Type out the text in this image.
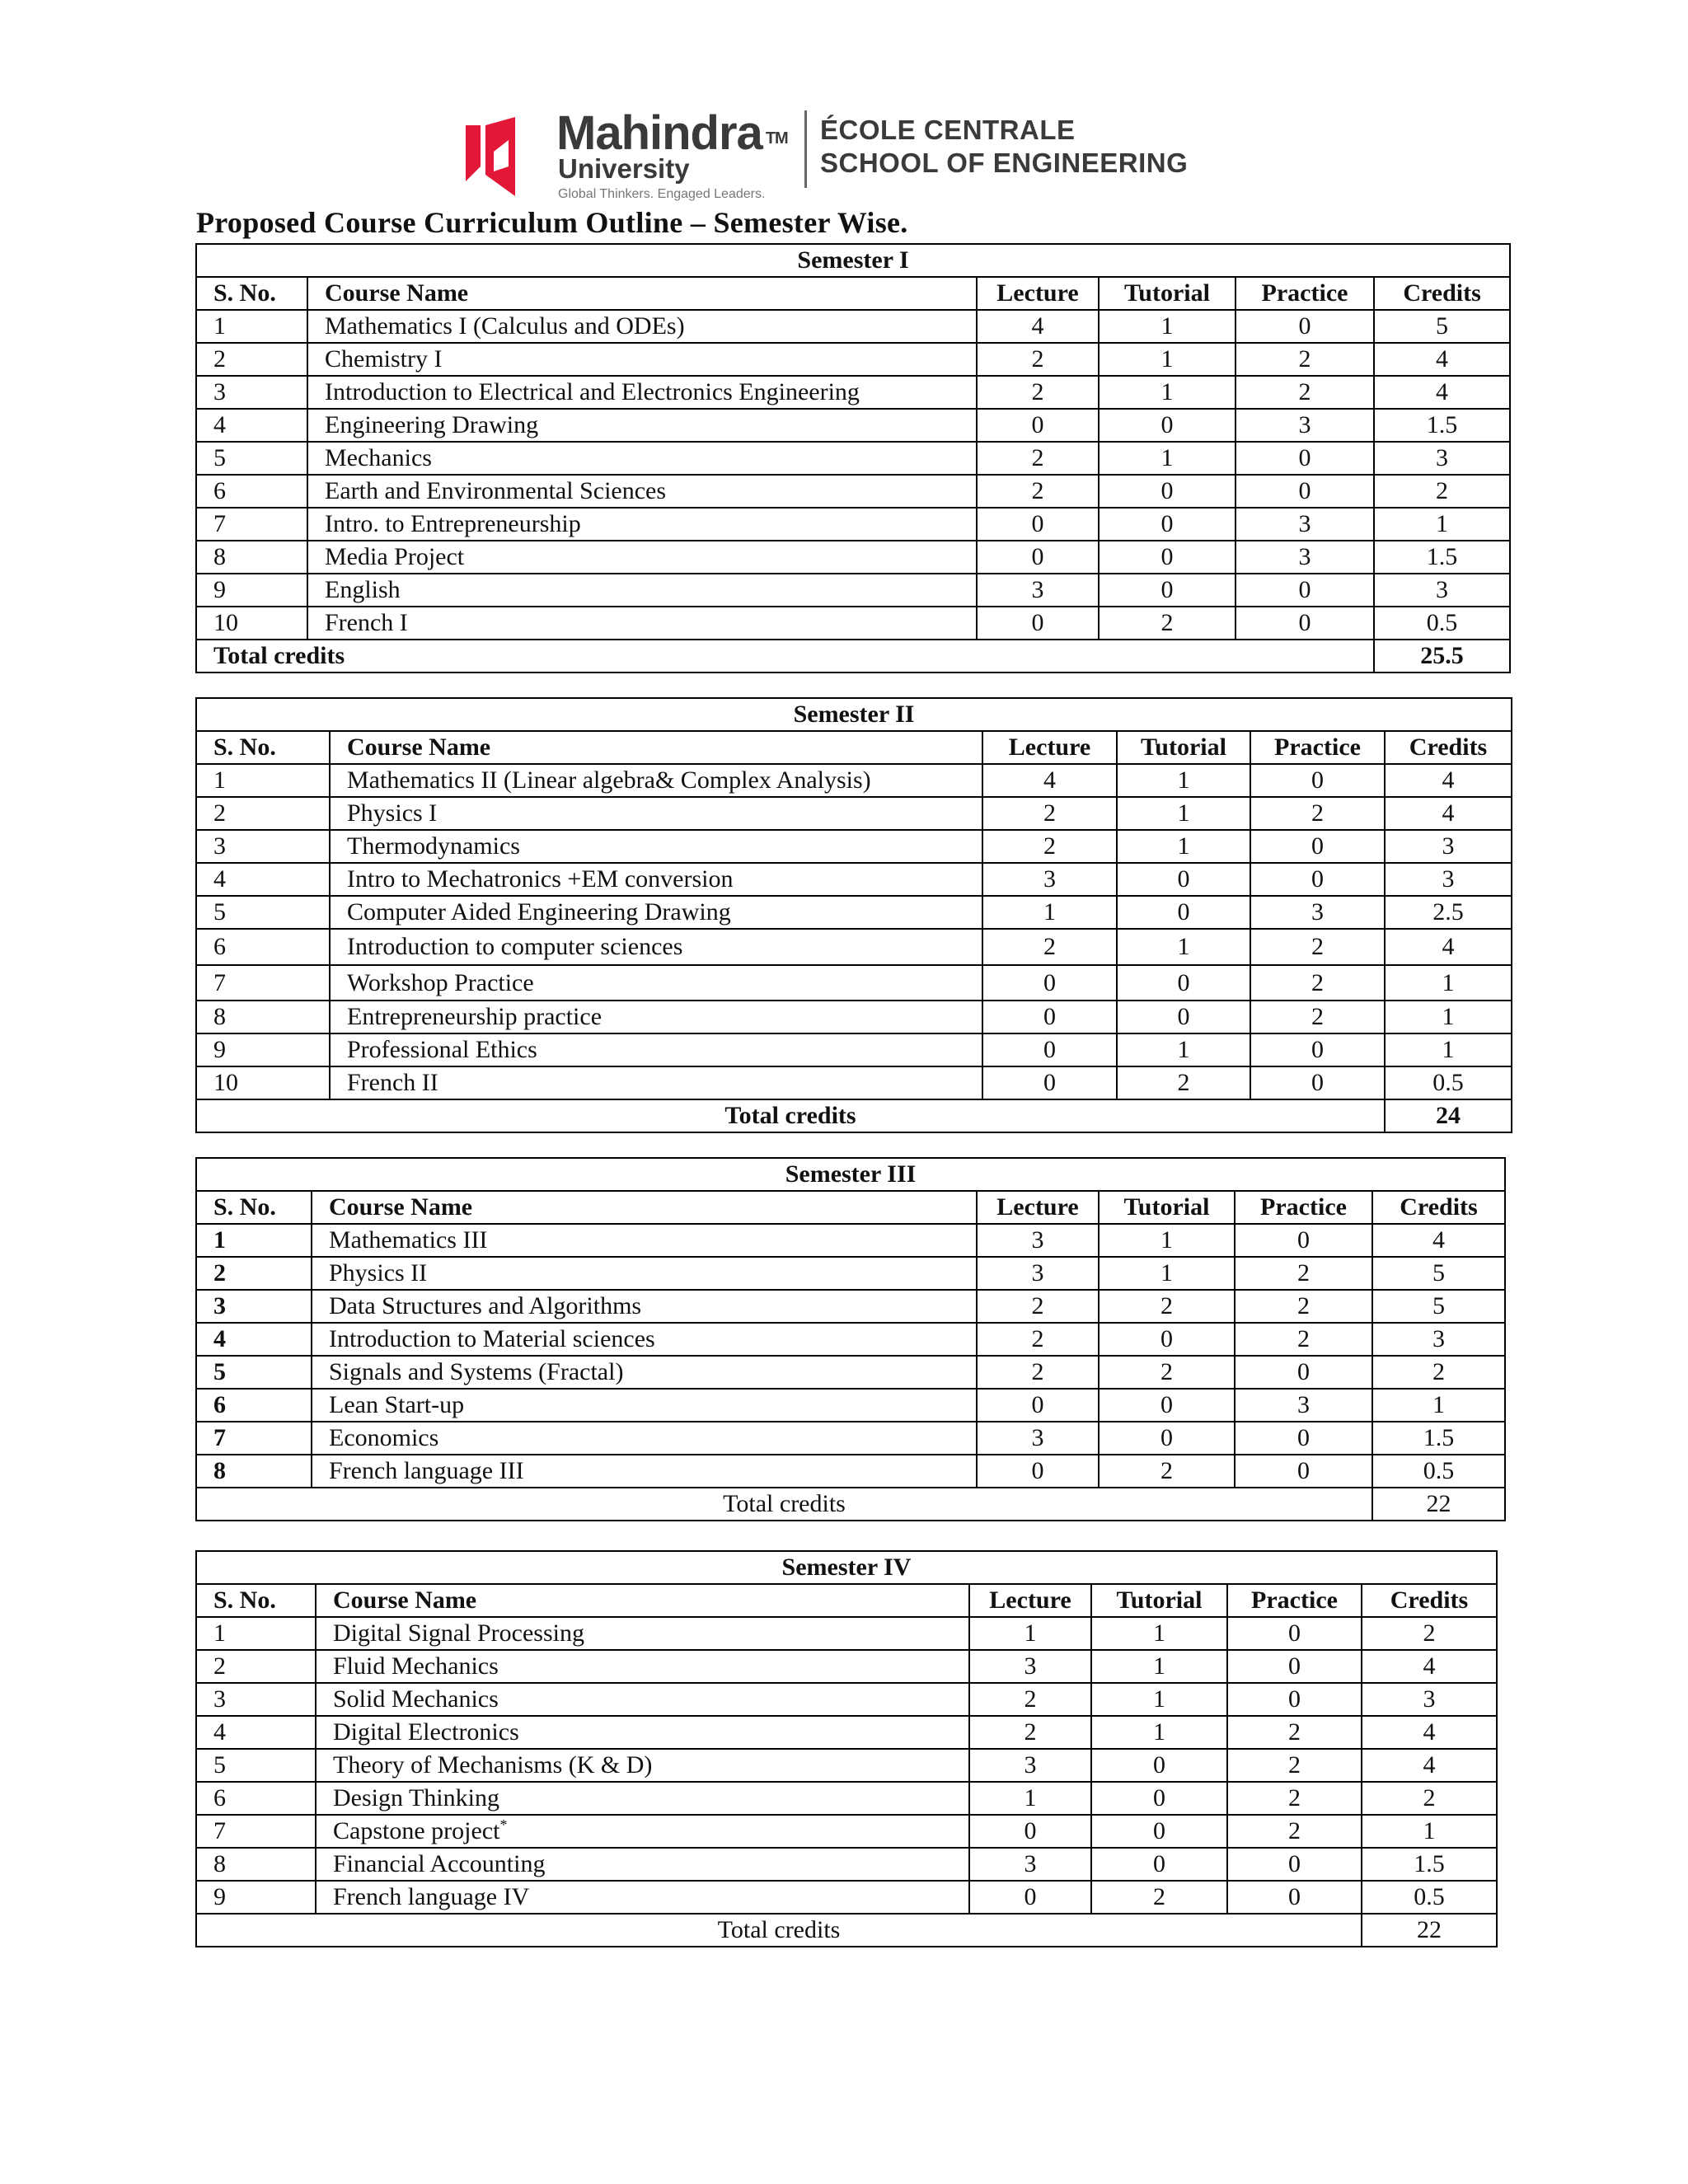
Mahindra ™
University
Global Thinkers. Engaged Leaders.
ÉCOLE CENTRALE
SCHOOL OF ENGINEERING
Proposed Course Curriculum Outline – Semester Wise.
Semester I					
S. No.	Course Name	Lecture	Tutorial	Practice	Credits
1	Mathematics I (Calculus and ODEs)	4	1	0	5
2	Chemistry I	2	1	2	4
3	Introduction to Electrical and Electronics Engineering	2	1	2	4
4	Engineering Drawing	0	0	3	1.5
5	Mechanics	2	1	0	3
6	Earth and Environmental Sciences	2	0	0	2
7	Intro. to Entrepreneurship	0	0	3	1
8	Media Project	0	0	3	1.5
9	English	3	0	0	3
10	French I	0	2	0	0.5
Total credits					25.5
Semester II					
S. No.	Course Name	Lecture	Tutorial	Practice	Credits
1	Mathematics II (Linear algebra& Complex Analysis)	4	1	0	4
2	Physics I	2	1	2	4
3	Thermodynamics	2	1	0	3
4	Intro to Mechatronics +EM conversion	3	0	0	3
5	Computer Aided Engineering Drawing	1	0	3	2.5
6	Introduction to computer sciences	2	1	2	4
7	Workshop Practice	0	0	2	1
8	Entrepreneurship practice	0	0	2	1
9	Professional Ethics	0	1	0	1
10	French II	0	2	0	0.5
Total credits					24
Semester III					
S. No.	Course Name	Lecture	Tutorial	Practice	Credits
1	Mathematics III	3	1	0	4
2	Physics II	3	1	2	5
3	Data Structures and Algorithms	2	2	2	5
4	Introduction to Material sciences	2	0	2	3
5	Signals and Systems (Fractal)	2	2	0	2
6	Lean Start-up	0	0	3	1
7	Economics	3	0	0	1.5
8	French language III	0	2	0	0.5
Total credits					22
Semester IV					
S. No.	Course Name	Lecture	Tutorial	Practice	Credits
1	Digital Signal Processing	1	1	0	2
2	Fluid Mechanics	3	1	0	4
3	Solid Mechanics	2	1	0	3
4	Digital Electronics	2	1	2	4
5	Theory of Mechanisms (K & D)	3	0	2	4
6	Design Thinking	1	0	2	2
7	Capstone project*	0	0	2	1
8	Financial Accounting	3	0	0	1.5
9	French language IV	0	2	0	0.5
Total credits					22
